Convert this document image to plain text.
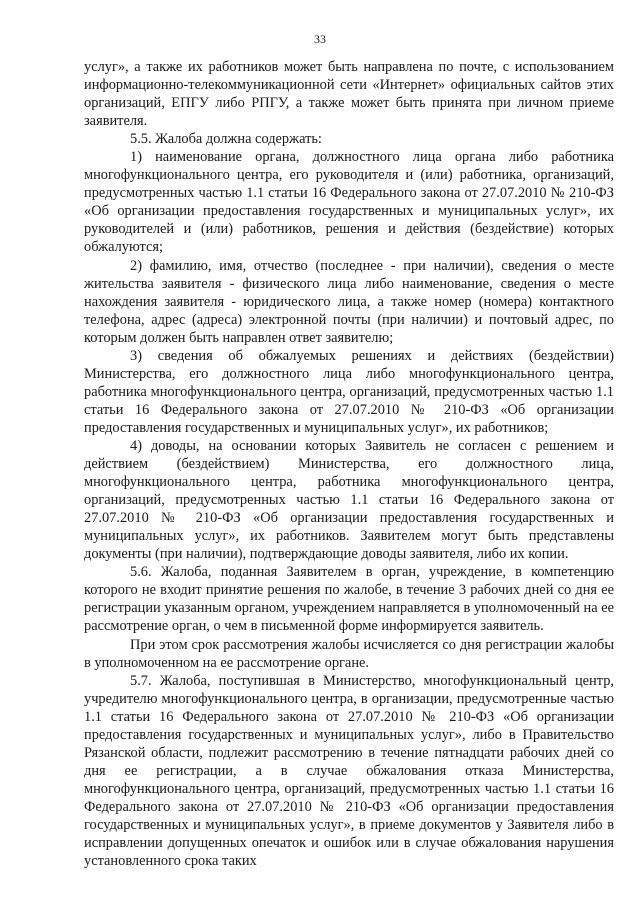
33

услуг», а также их работников может быть направлена по почте, с использованием информационно-телекоммуникационной сети «Интернет» официальных сайтов этих организаций, ЕПГУ либо РПГУ, а также может быть принята при личном приеме заявителя.

5.5. Жалоба должна содержать:

1) наименование органа, должностного лица органа либо работника многофункционального центра, его руководителя и (или) работника, организаций, предусмотренных частью 1.1 статьи 16 Федерального закона от 27.07.2010 № 210-ФЗ «Об организации предоставления государственных и муниципальных услуг», их руководителей и (или) работников, решения и действия (бездействие) которых обжалуются;

2) фамилию, имя, отчество (последнее - при наличии), сведения о месте жительства заявителя - физического лица либо наименование, сведения о месте нахождения заявителя - юридического лица, а также номер (номера) контактного телефона, адрес (адреса) электронной почты (при наличии) и почтовый адрес, по которым должен быть направлен ответ заявителю;

3) сведения об обжалуемых решениях и действиях (бездействии) Министерства, его должностного лица либо многофункционального центра, работника многофункционального центра, организаций, предусмотренных частью 1.1 статьи 16 Федерального закона от 27.07.2010 № 210-ФЗ «Об организации предоставления государственных и муниципальных услуг», их работников;

4) доводы, на основании которых Заявитель не согласен с решением и действием (бездействием) Министерства, его должностного лица, многофункционального центра, работника многофункционального центра, организаций, предусмотренных частью 1.1 статьи 16 Федерального закона от 27.07.2010 № 210-ФЗ «Об организации предоставления государственных и муниципальных услуг», их работников. Заявителем могут быть представлены документы (при наличии), подтверждающие доводы заявителя, либо их копии.

5.6. Жалоба, поданная Заявителем в орган, учреждение, в компетенцию которого не входит принятие решения по жалобе, в течение 3 рабочих дней со дня ее регистрации указанным органом, учреждением направляется в уполномоченный на ее рассмотрение орган, о чем в письменной форме информируется заявитель.

При этом срок рассмотрения жалобы исчисляется со дня регистрации жалобы в уполномоченном на ее рассмотрение органе.

5.7. Жалоба, поступившая в Министерство, многофункциональный центр, учредителю многофункционального центра, в организации, предусмотренные частью 1.1 статьи 16 Федерального закона от 27.07.2010 № 210-ФЗ «Об организации предоставления государственных и муниципальных услуг», либо в Правительство Рязанской области, подлежит рассмотрению в течение пятнадцати рабочих дней со дня ее регистрации, а в случае обжалования отказа Министерства, многофункционального центра, организаций, предусмотренных частью 1.1 статьи 16 Федерального закона от 27.07.2010 № 210-ФЗ «Об организации предоставления государственных и муниципальных услуг», в приеме документов у Заявителя либо в исправлении допущенных опечаток и ошибок или в случае обжалования нарушения установленного срока таких
